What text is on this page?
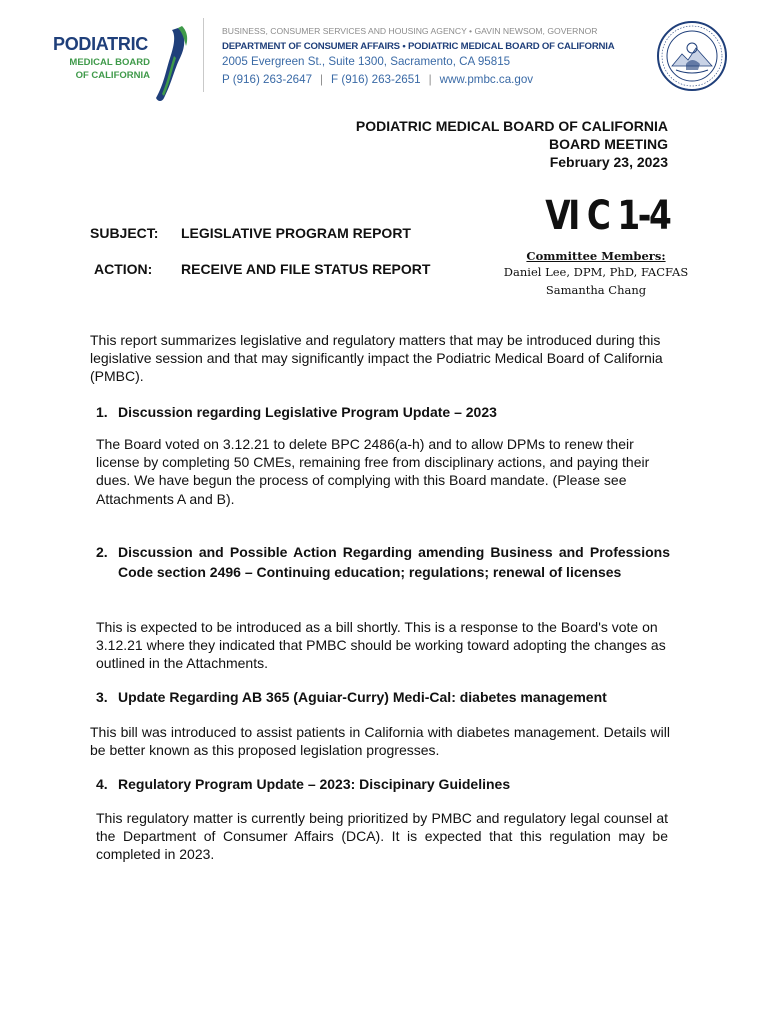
PODIATRIC
MEDICAL BOARD
OF CALIFORNIA
BUSINESS, CONSUMER SERVICES AND HOUSING AGENCY • GAVIN NEWSOM, GOVERNOR
DEPARTMENT OF CONSUMER AFFAIRS • PODIATRIC MEDICAL BOARD OF CALIFORNIA
2005 Evergreen St., Suite 1300, Sacramento, CA 95815
P (916) 263-2647 | F (916) 263-2651 | www.pmbc.ca.gov
PODIATRIC MEDICAL BOARD OF CALIFORNIA
BOARD MEETING
February 23, 2023
VI C 1-4
SUBJECT: LEGISLATIVE PROGRAM REPORT
ACTION: RECEIVE AND FILE STATUS REPORT
Committee Members:
Daniel Lee, DPM, PhD, FACFAS
Samantha Chang
This report summarizes legislative and regulatory matters that may be introduced during this legislative session and that may significantly impact the Podiatric Medical Board of California (PMBC).
1. Discussion regarding Legislative Program Update – 2023
The Board voted on 3.12.21 to delete BPC 2486(a-h) and to allow DPMs to renew their license by completing 50 CMEs, remaining free from disciplinary actions, and paying their dues. We have begun the process of complying with this Board mandate. (Please see Attachments A and B).
2. Discussion and Possible Action Regarding amending Business and Professions Code section 2496 – Continuing education; regulations; renewal of licenses
This is expected to be introduced as a bill shortly. This is a response to the Board's vote on 3.12.21 where they indicated that PMBC should be working toward adopting the changes as outlined in the Attachments.
3. Update Regarding AB 365 (Aguiar-Curry) Medi-Cal: diabetes management
This bill was introduced to assist patients in California with diabetes management. Details will be better known as this proposed legislation progresses.
4. Regulatory Program Update – 2023: Discipinary Guidelines
This regulatory matter is currently being prioritized by PMBC and regulatory legal counsel at the Department of Consumer Affairs (DCA). It is expected that this regulation may be completed in 2023.
